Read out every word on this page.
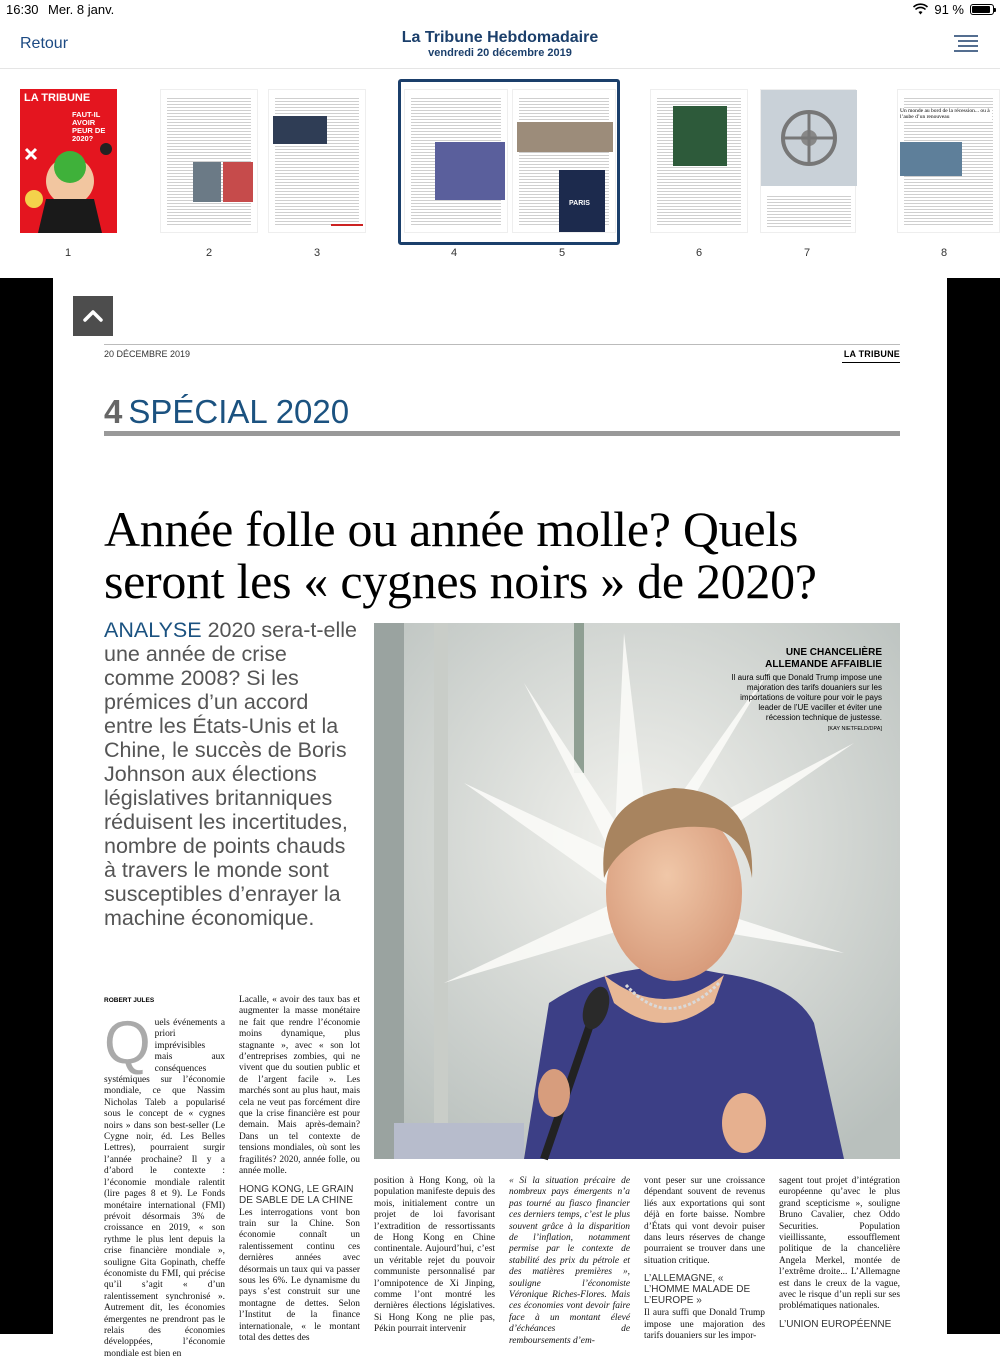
16:30 Mer. 8 janv.	91 %
Retour	La Tribune Hebdomadaire
vendredi 20 décembre 2019
LA TRIBUNE
FAUT-IL AVOIR PEUR DE 2020?
PARIS
Un monde au bord de la récession... ou à l’aube d’un renouveau
1	2	3	4	5	6	7	8
20 DÉCEMBRE 2019	LA TRIBUNE
4 SPÉCIAL 2020
Année folle ou année molle? Quels
seront les « cygnes noirs » de 2020?
ANALYSE 2020 sera-t-elle une année de crise comme 2008? Si les prémices d’un accord entre les États-Unis et la Chine, le succès de Boris Johnson aux élections législatives britanniques réduisent les incertitudes, nombre de points chauds à travers le monde sont susceptibles d’enrayer la machine économique.
UNE CHANCELIÈRE
ALLEMANDE AFFAIBLIE
Il aura suffi que Donald Trump impose une majoration des tarifs douaniers sur les importations de voiture pour voir le pays leader de l’UE vaciller et éviter une récession technique de justesse.
[KAY NIETFELD/DPA]
ROBERT JULES
Quels événements a priori imprévisibles mais aux conséquences systémiques sur l’économie mondiale, ce que Nassim Nicholas Taleb a popularisé sous le concept de « cygnes noirs » dans son best-seller (Le Cygne noir, éd. Les Belles Lettres), pourraient surgir l’année prochaine? Il y a d’abord le contexte : l’économie mondiale ralentit (lire pages 8 et 9). Le Fonds monétaire international (FMI) prévoit désormais 3% de croissance en 2019, « son rythme le plus lent depuis la crise financière mondiale », souligne Gita Gopinath, cheffe économiste du FMI, qui précise qu’il s’agit « d’un ralentissement synchronisé ». Autrement dit, les économies émergentes ne prendront pas le relais des économies développées, l’économie mondiale est bien en

Lacalle, « avoir des taux bas et augmenter la masse monétaire ne fait que rendre l’économie moins dynamique, plus stagnante », avec « son lot d’entreprises zombies, qui ne vivent que du soutien public et de l’argent facile ». Les marchés sont au plus haut, mais cela ne veut pas forcément dire que la crise financière est pour demain. Mais après-demain? Dans un tel contexte de tensions mondiales, où sont les fragilités? 2020, année folle, ou année molle.

HONG KONG, LE GRAIN DE SABLE DE LA CHINE

Les interrogations vont bon train sur la Chine. Son économie connaît un ralentissement continu ces dernières années avec désormais un taux qui va passer sous les 6%. Le dynamisme du pays s’est construit sur une montagne de dettes. Selon l’Institut de la finance internationale, « le montant total des dettes des

position à Hong Kong, où la population manifeste depuis des mois, initialement contre un projet de loi favorisant l’extradition de ressortissants de Hong Kong en Chine continentale. Aujourd’hui, c’est un véritable rejet du pouvoir communiste personnalisé par l’omnipotence de Xi Jinping, comme l’ont montré les dernières élections législatives. Si Hong Kong ne plie pas, Pékin pourrait intervenir

« Si la situation précaire de nombreux pays émergents n’a pas tourné au fiasco financier ces derniers temps, c’est le plus souvent grâce à la disparition de l’inflation, notamment permise par le contexte de stabilité des prix du pétrole et des matières premières », souligne l’économiste Véronique Riches-Flores. Mais ces économies vont devoir faire face à un montant élevé d’échéances de remboursements d’em-

vont peser sur une croissance dépendant souvent de revenus liés aux exportations qui sont déjà en forte baisse. Nombre d’États qui vont devoir puiser dans leurs réserves de change pourraient se trouver dans une situation critique.

L’ALLEMAGNE, « L’HOMME MALADE DE L’EUROPE »

Il aura suffi que Donald Trump impose une majoration des tarifs douaniers sur les impor-

sagent tout projet d’intégration européenne qu’avec le plus grand scepticisme », souligne Bruno Cavalier, chez Oddo Securities. Population vieillissante, essoufflement politique de la chancelière Angela Merkel, montée de l’extrême droite... L’Allemagne est dans le creux de la vague, avec le risque d’un repli sur ses problématiques nationales.

L’UNION EUROPÉENNE
